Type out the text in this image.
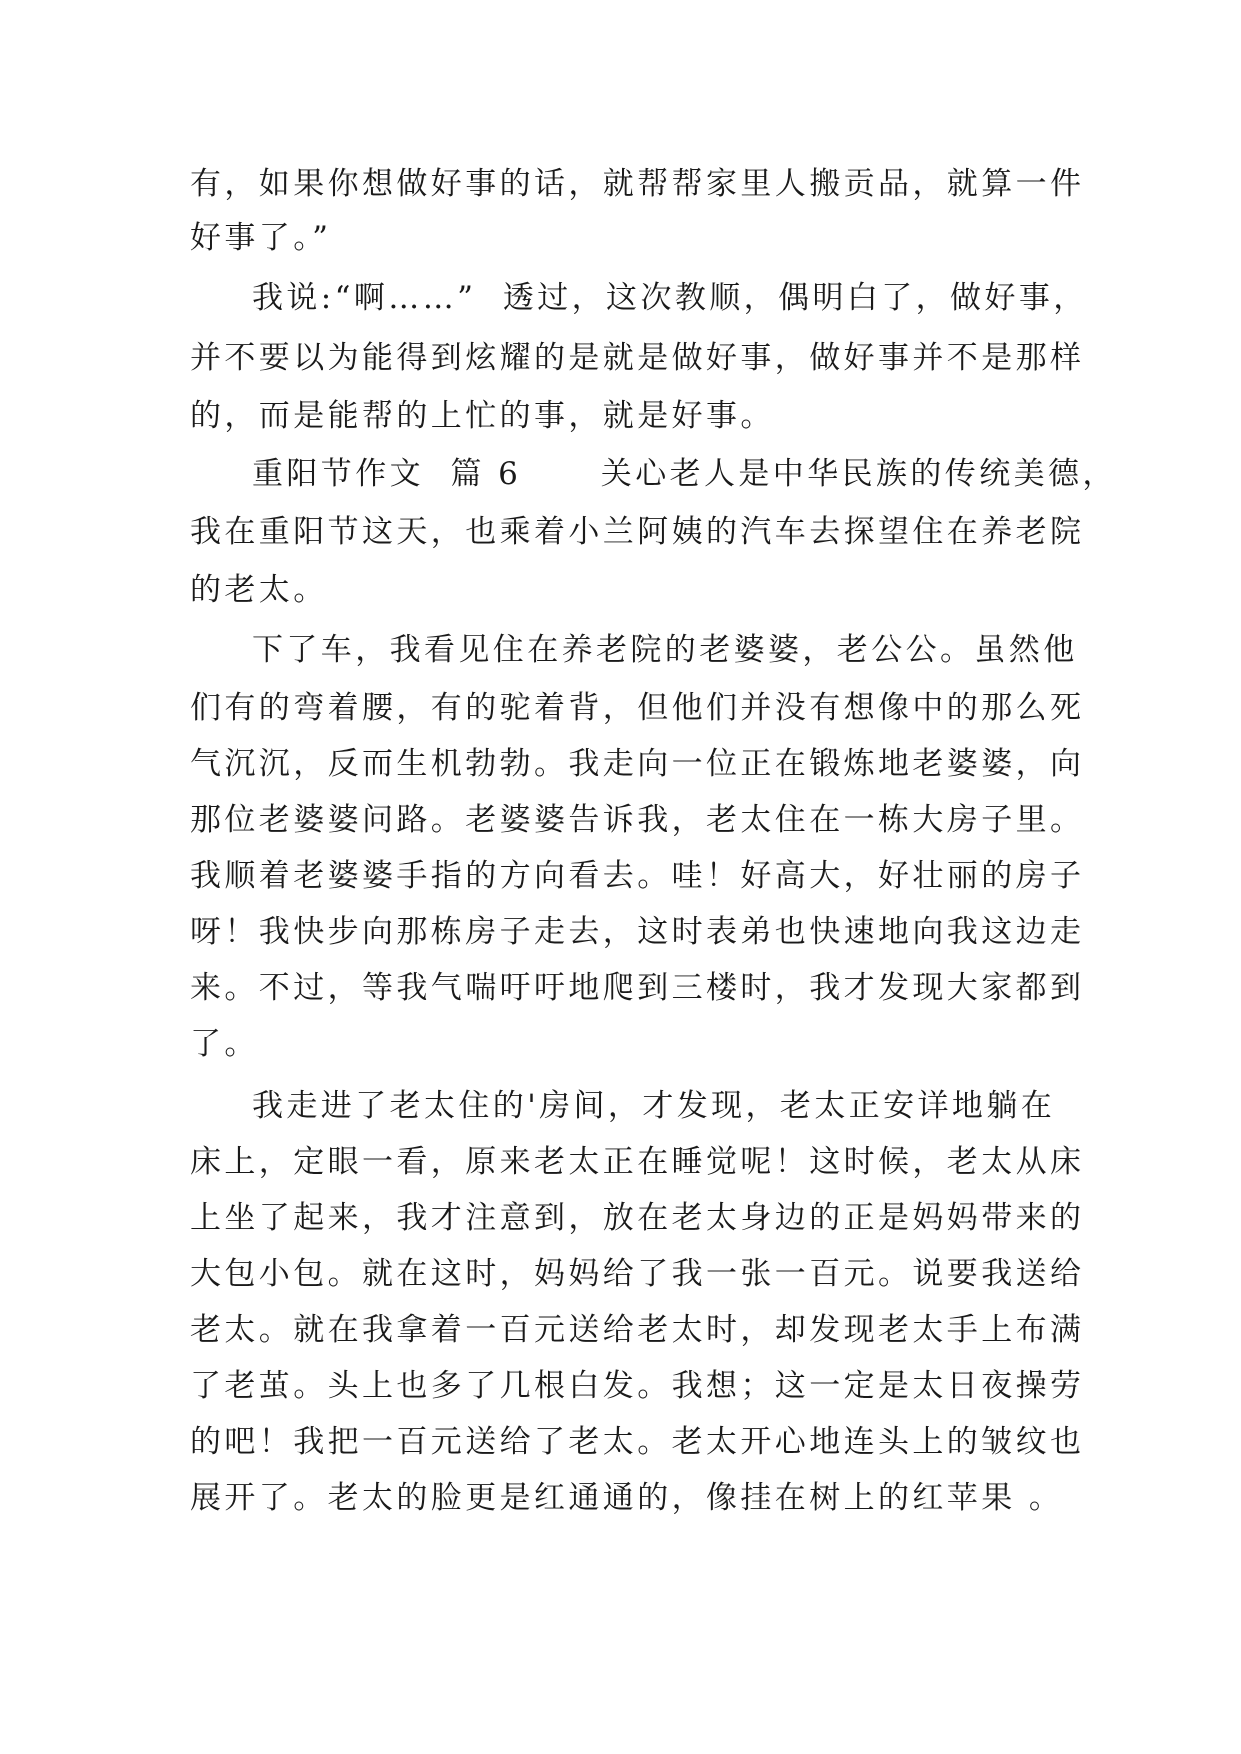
有，如果你想做好事的话，就帮帮家里人搬贡品，就算一件
好事了。”
我说:“啊……”  透过，这次教顺，偶明白了，做好事，
并不要以为能得到炫耀的是就是做好事，做好事并不是那样
的，而是能帮的上忙的事，就是好事。
重阳节作文  篇 6      关心老人是中华民族的传统美德，
我在重阳节这天，也乘着小兰阿姨的汽车去探望住在养老院
的老太。
下了车，我看见住在养老院的老婆婆，老公公。虽然他
们有的弯着腰，有的驼着背，但他们并没有想像中的那么死
气沉沉，反而生机勃勃。我走向一位正在锻炼地老婆婆，向
那位老婆婆问路。老婆婆告诉我，老太住在一栋大房子里。
我顺着老婆婆手指的方向看去。哇！好高大，好壮丽的房子
呀！我快步向那栋房子走去，这时表弟也快速地向我这边走
来。不过，等我气喘吁吁地爬到三楼时，我才发现大家都到
了。
我走进了老太住的'房间，才发现，老太正安详地躺在
床上，定眼一看，原来老太正在睡觉呢！这时候，老太从床
上坐了起来，我才注意到，放在老太身边的正是妈妈带来的
大包小包。就在这时，妈妈给了我一张一百元。说要我送给
老太。就在我拿着一百元送给老太时，却发现老太手上布满
了老茧。头上也多了几根白发。我想；这一定是太日夜操劳
的吧！我把一百元送给了老太。老太开心地连头上的皱纹也
展开了。老太的脸更是红通通的，像挂在树上的红苹果 。
